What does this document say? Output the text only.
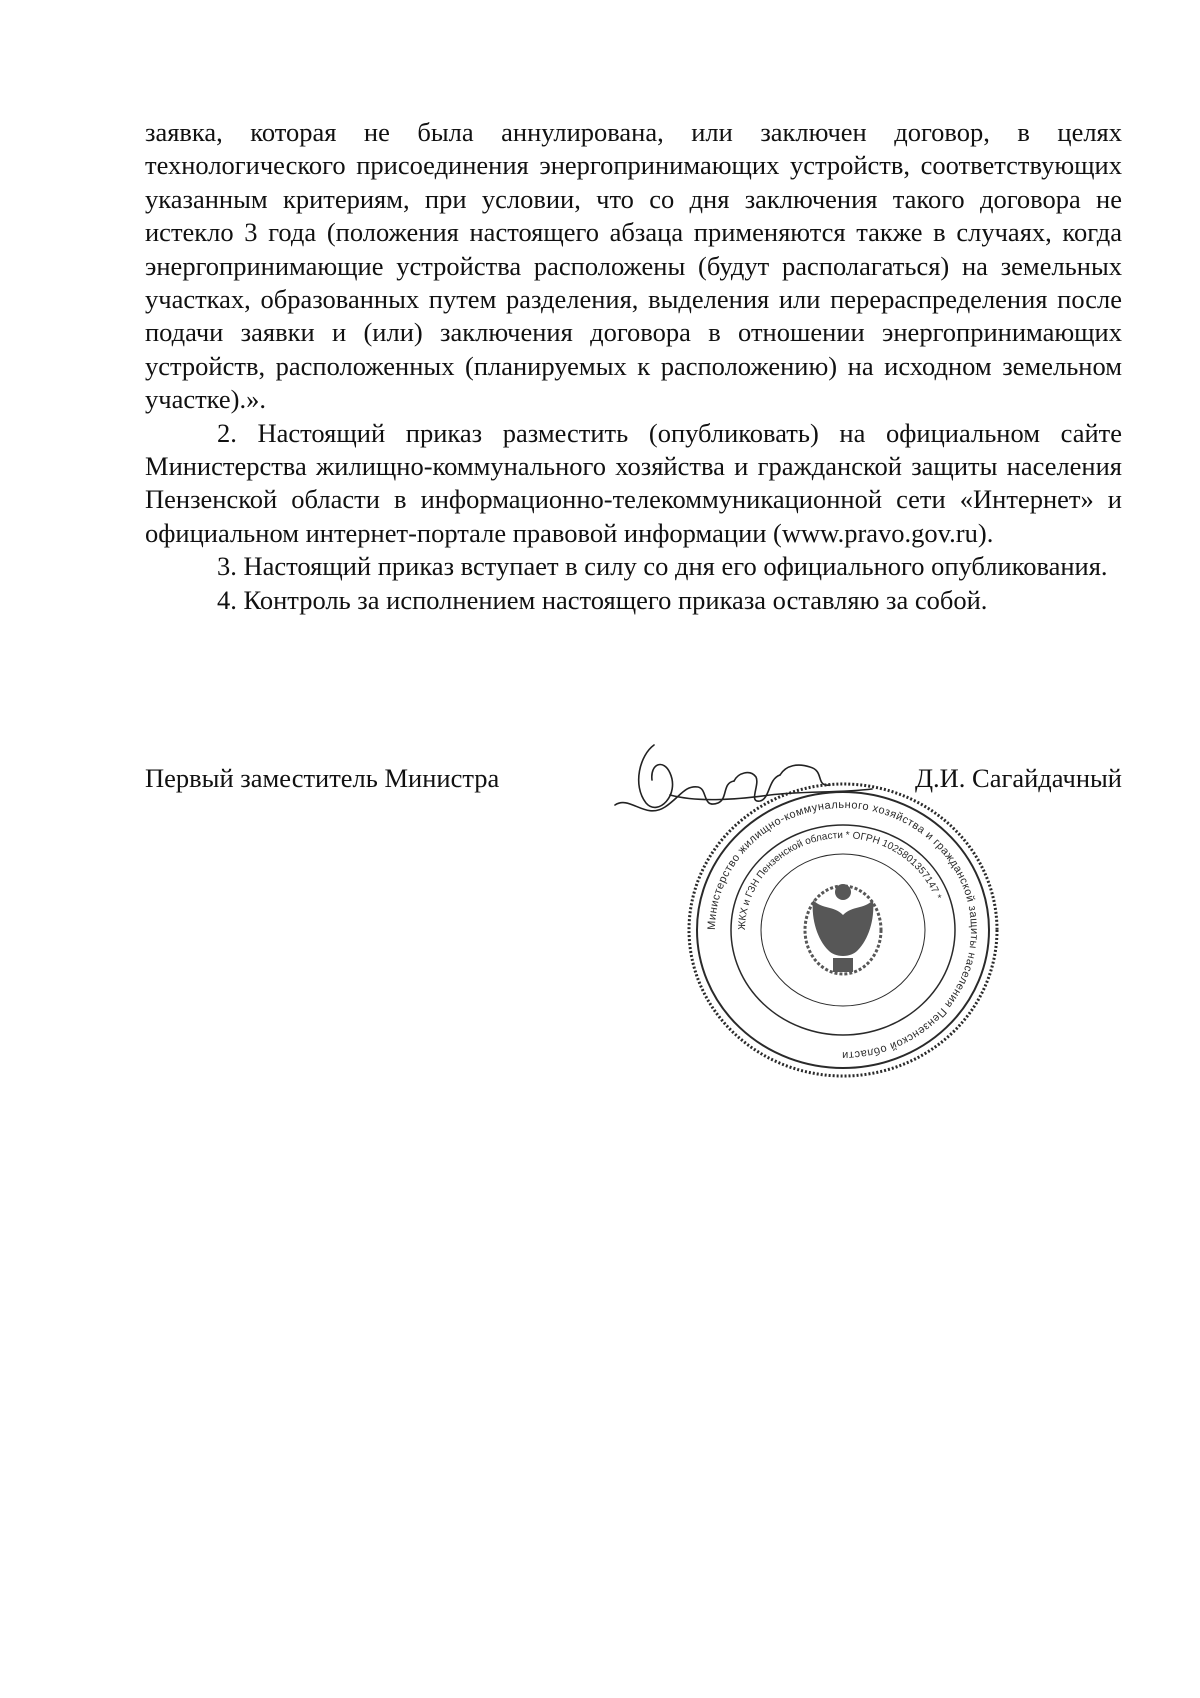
заявка, которая не была аннулирована, или заключен договор, в целях технологического присоединения энергопринимающих устройств, соответствующих указанным критериям, при условии, что со дня заключения такого договора не истекло 3 года (положения настоящего абзаца применяются также в случаях, когда энергопринимающие устройства расположены (будут располагаться) на земельных участках, образованных путем разделения, выделения или перераспределения после подачи заявки и (или) заключения договора в отношении энергопринимающих устройств, расположенных (планируемых к расположению) на исходном земельном участке).».

2. Настоящий приказ разместить (опубликовать) на официальном сайте Министерства жилищно-коммунального хозяйства и гражданской защиты населения Пензенской области в информационно-телекоммуникационной сети «Интернет» и официальном интернет-портале правовой информации (www.pravo.gov.ru).

3. Настоящий приказ вступает в силу со дня его официального опубликования.

4. Контроль за исполнением настоящего приказа оставляю за собой.

Первый заместитель Министра	Д.И. Сагайдачный
Министерство жилищно-коммунального хозяйства и гражданской защиты населения Пензенской области
ЖКХ и ГЗН Пензенской области * ОГРН 1025801357147 *
